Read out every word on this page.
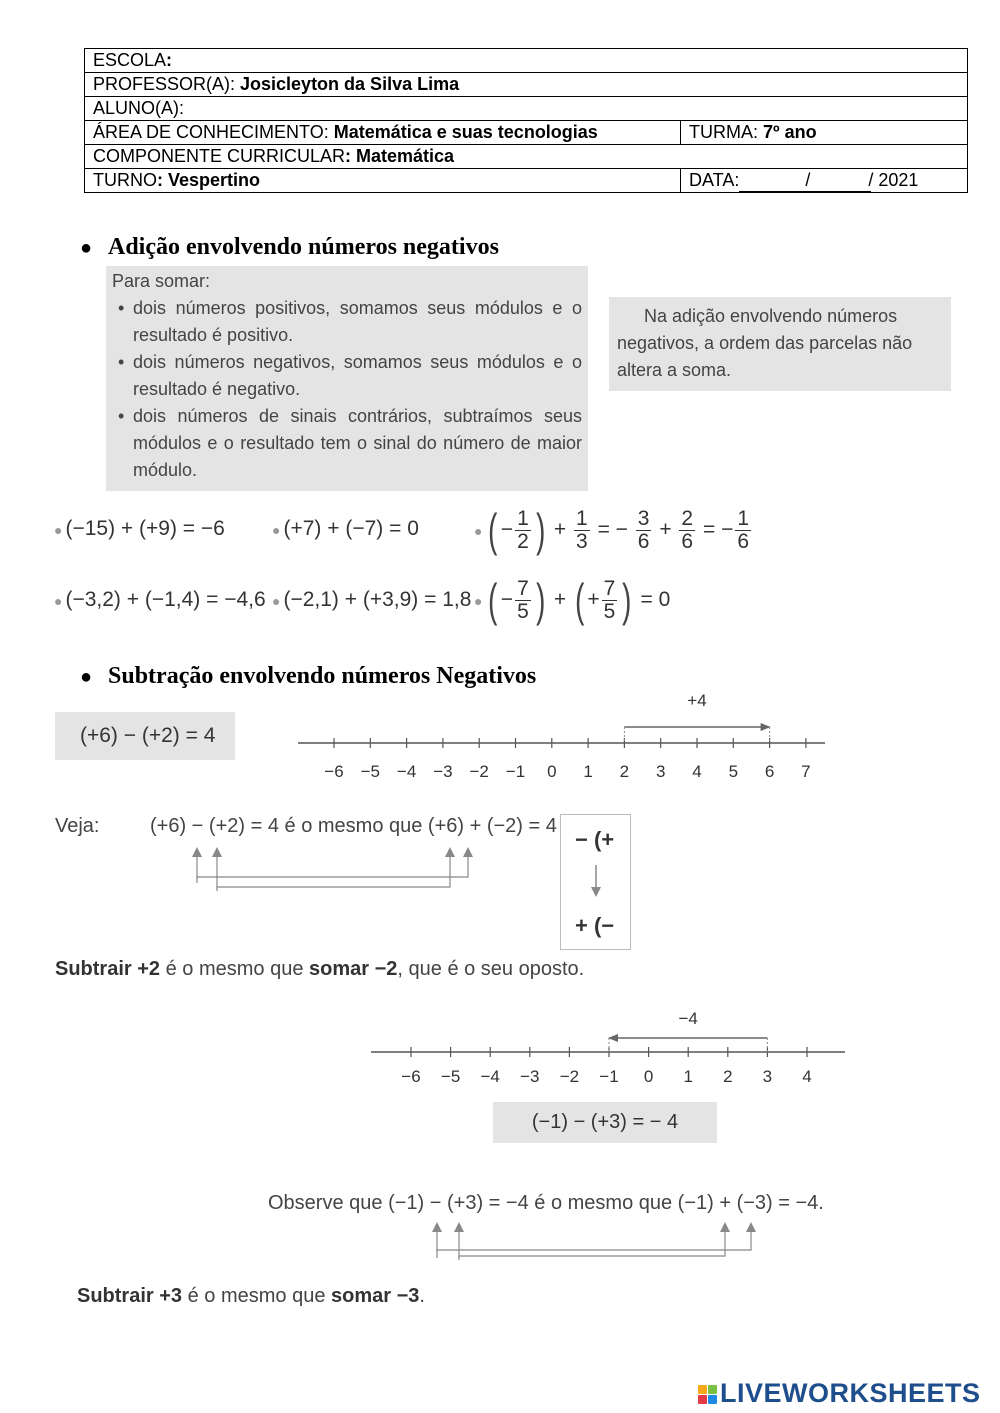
ESCOLA:	
PROFESSOR(A): Josicleyton da Silva Lima	
ALUNO(A):	
ÁREA DE CONHECIMENTO: Matemática e suas tecnologias	TURMA: 7º ano
COMPONENTE CURRICULAR: Matemática	
TURNO: Vespertino	DATA: / / 2021
● Adição envolvendo números negativos

Para somar:

• dois números positivos, somamos seus módulos e o resultado é positivo.

• dois números negativos, somamos seus módulos e o resultado é negativo.

• dois números de sinais contrários, subtraímos seus módulos e o resultado tem o sinal do número de maior módulo.

Na adição envolvendo números negativos, a ordem das parcelas não altera a soma.

● (−15) + (+9) = −6	● (+7) + (−7) = 0
● (−3,2) + (−1,4) = −4,6 ● (−2,1) + (+3,9) = 1,8
● ( − $\frac{1}{2}$ ) + $\frac{1}{3}$ = − $\frac{3}{6} + \frac{2}{6}$ = − $\frac{1}{6}$
● ( − $\frac{7}{5}$ ) + ( + $\frac{7}{5}$ ) = 0
● Subtração envolvendo números Negativos
(+6) − (+2) = 4
−6 −5 −4 −3 −2 −1 0 1 2 3 4 5 6 7
+4
Veja:	(+6) − (+2) = 4 é o mesmo que (+6) + (−2) = 4
− (+
+ (−
Subtrair +2 é o mesmo que somar −2, que é o seu oposto.
−6 −5 −4 −3 −2 −1 0 1 2 3 4
−4
(−1) − (+3) = − 4
Observe que (−1) − (+3) = −4 é o mesmo que (−1) + (−3) = −4.
Subtrair +3 é o mesmo que somar −3.
LIVEWORKSHEETS
